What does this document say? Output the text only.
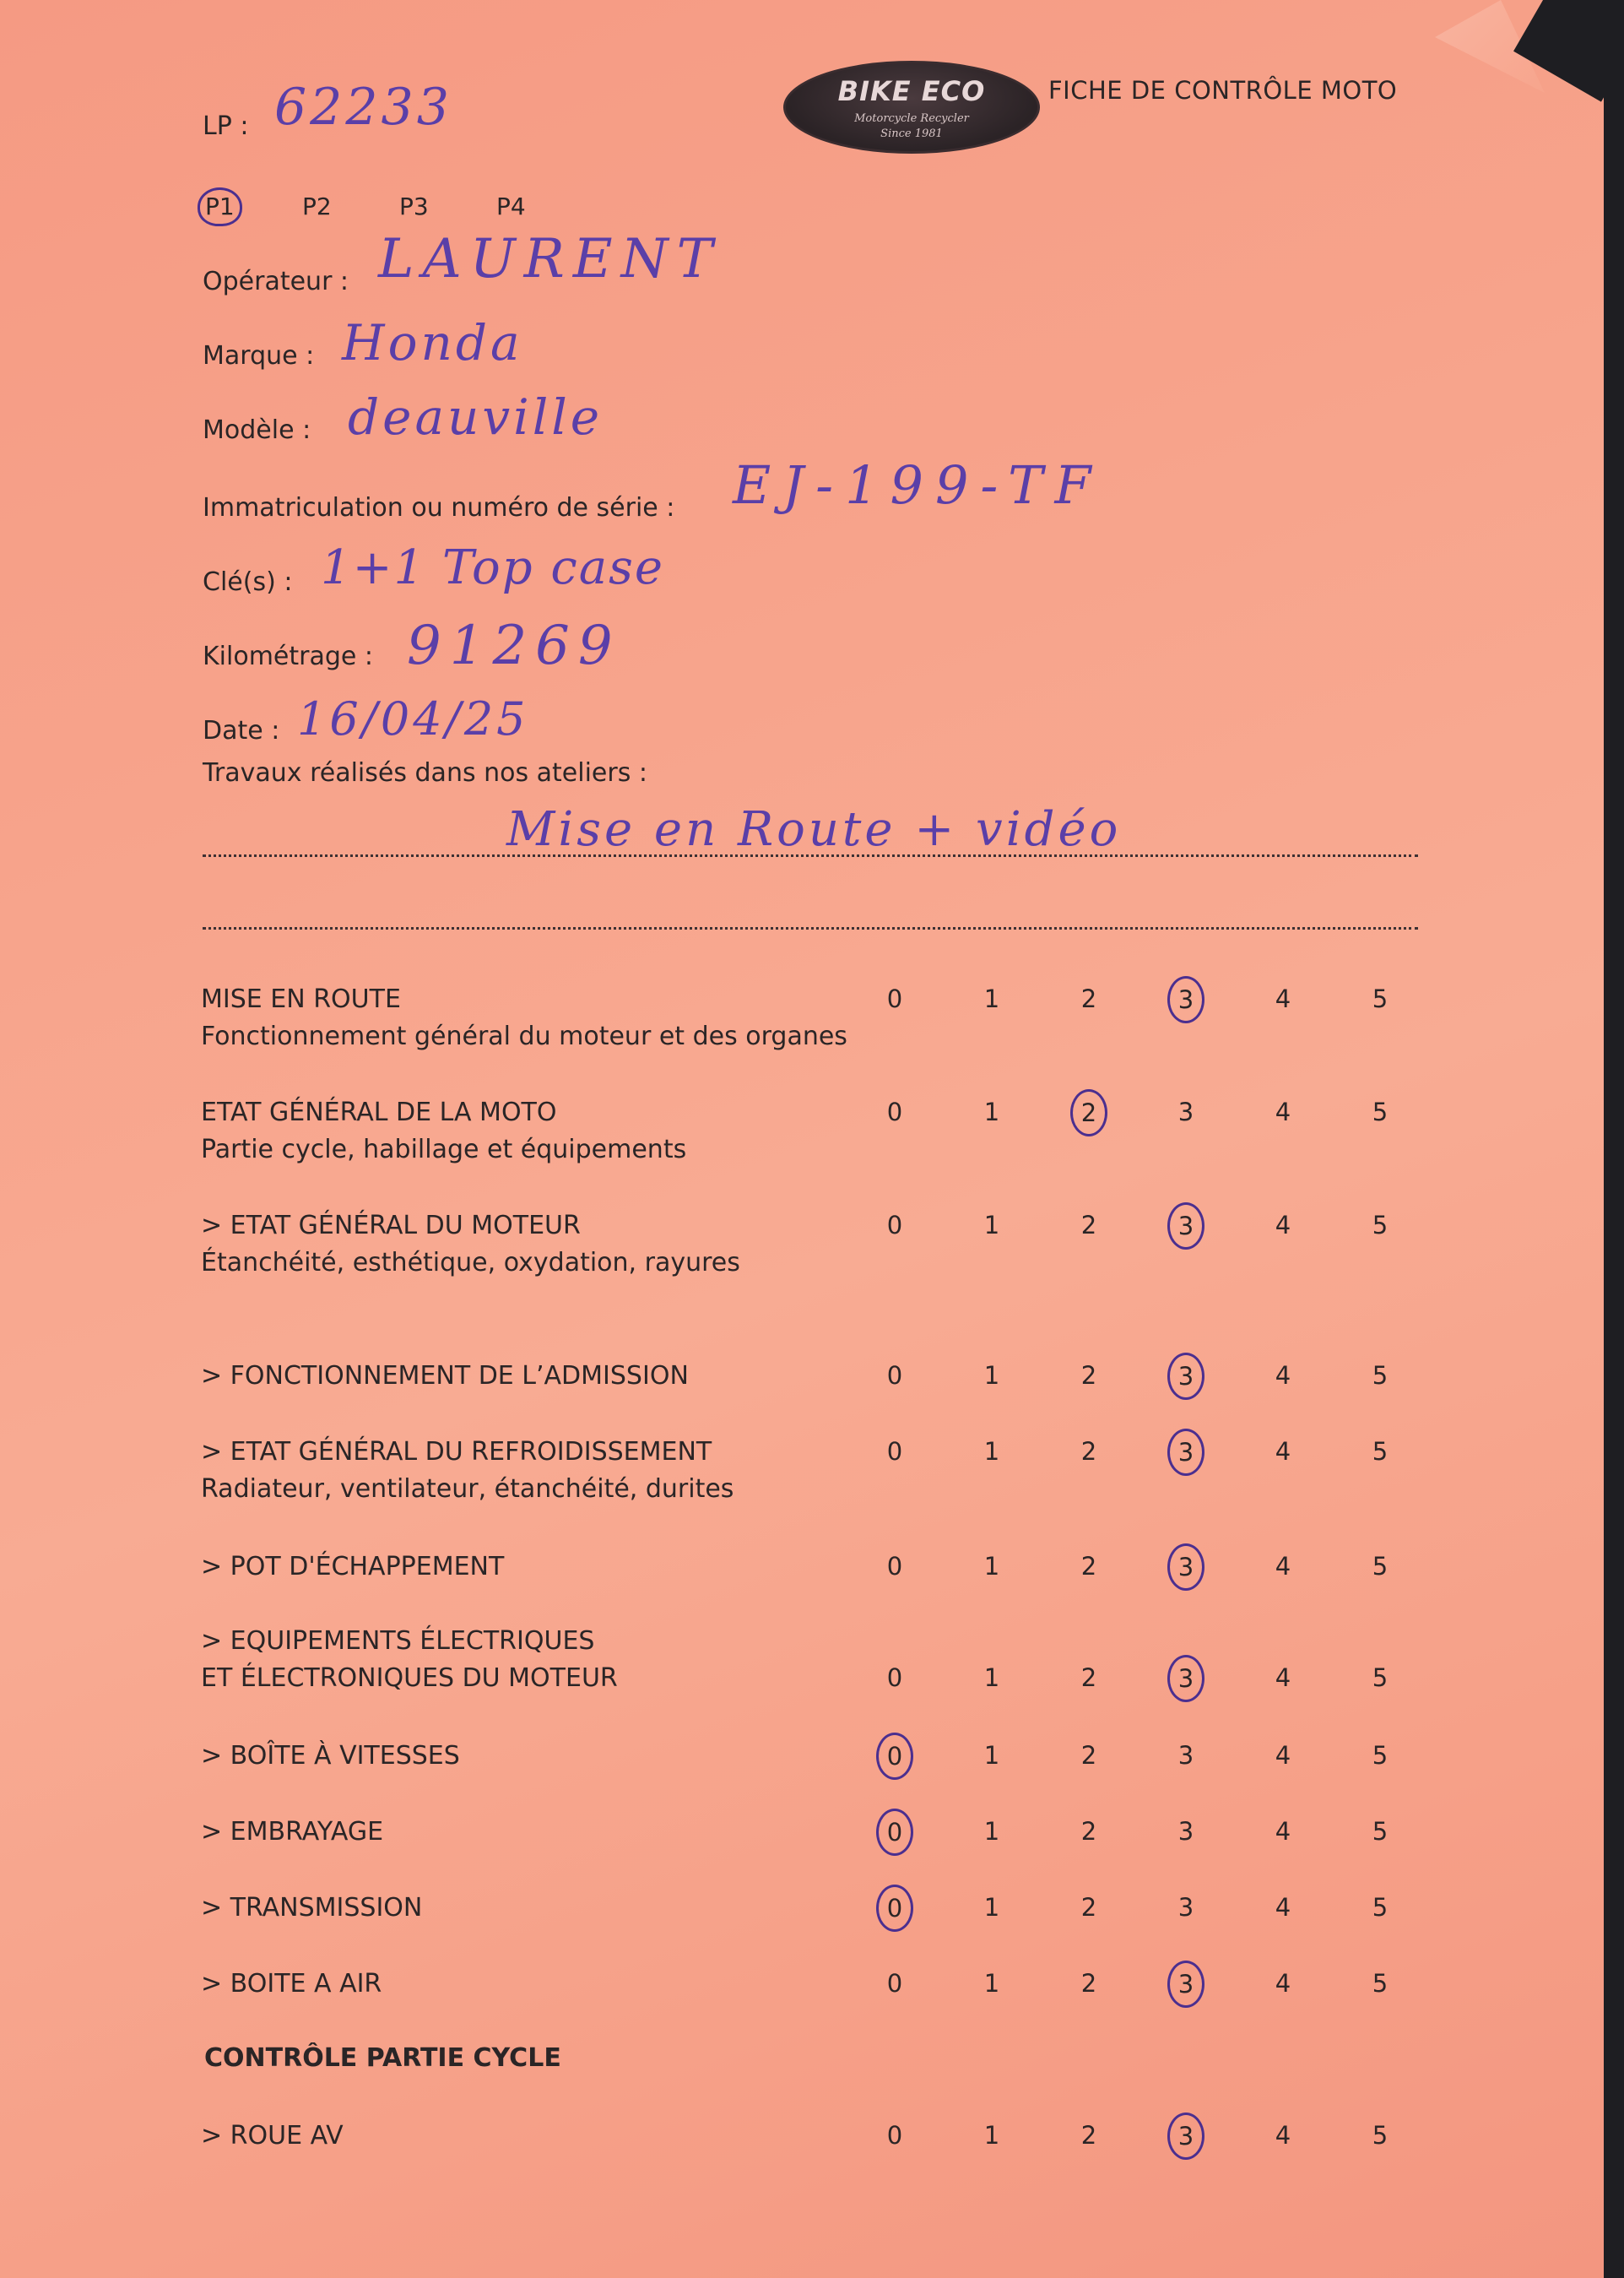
LP : 62233	BIKE ECO
Motorcycle Recycler
Since 1981
FICHE DE CONTRÔLE MOTO
P1	P2	P3	P4
Opérateur : LAURENT
Marque : Honda
Modèle : deauville
Immatriculation ou numéro de série : EJ-199-TF
Clé(s) : 1+1 Top case
Kilométrage : 91269
Date : 16/04/25
Travaux réalisés dans nos ateliers :
Mise en Route + vidéo
MISE EN ROUTE
Fonctionnement général du moteur et des organes
0	1	2	3	4	5
ETAT GÉNÉRAL DE LA MOTO
Partie cycle, habillage et équipements
0	1	2	3	4	5
> ETAT GÉNÉRAL DU MOTEUR
Étanchéité, esthétique, oxydation, rayures
0	1	2	3	4	5
> FONCTIONNEMENT DE L’ADMISSION	0	1	2	3	4	5
> ETAT GÉNÉRAL DU REFROIDISSEMENT
Radiateur, ventilateur, étanchéité, durites
0	1	2	3	4	5
> POT D'ÉCHAPPEMENT	0	1	2	3	4	5
> EQUIPEMENTS ÉLECTRIQUES
ET ÉLECTRONIQUES DU MOTEUR	0	1	2	3	4	5
> BOÎTE À VITESSES	0	1	2	3	4	5
> EMBRAYAGE	0	1	2	3	4	5
> TRANSMISSION	0	1	2	3	4	5
> BOITE A AIR	0	1	2	3	4	5
CONTRÔLE PARTIE CYCLE
> ROUE AV	0	1	2	3	4	5
